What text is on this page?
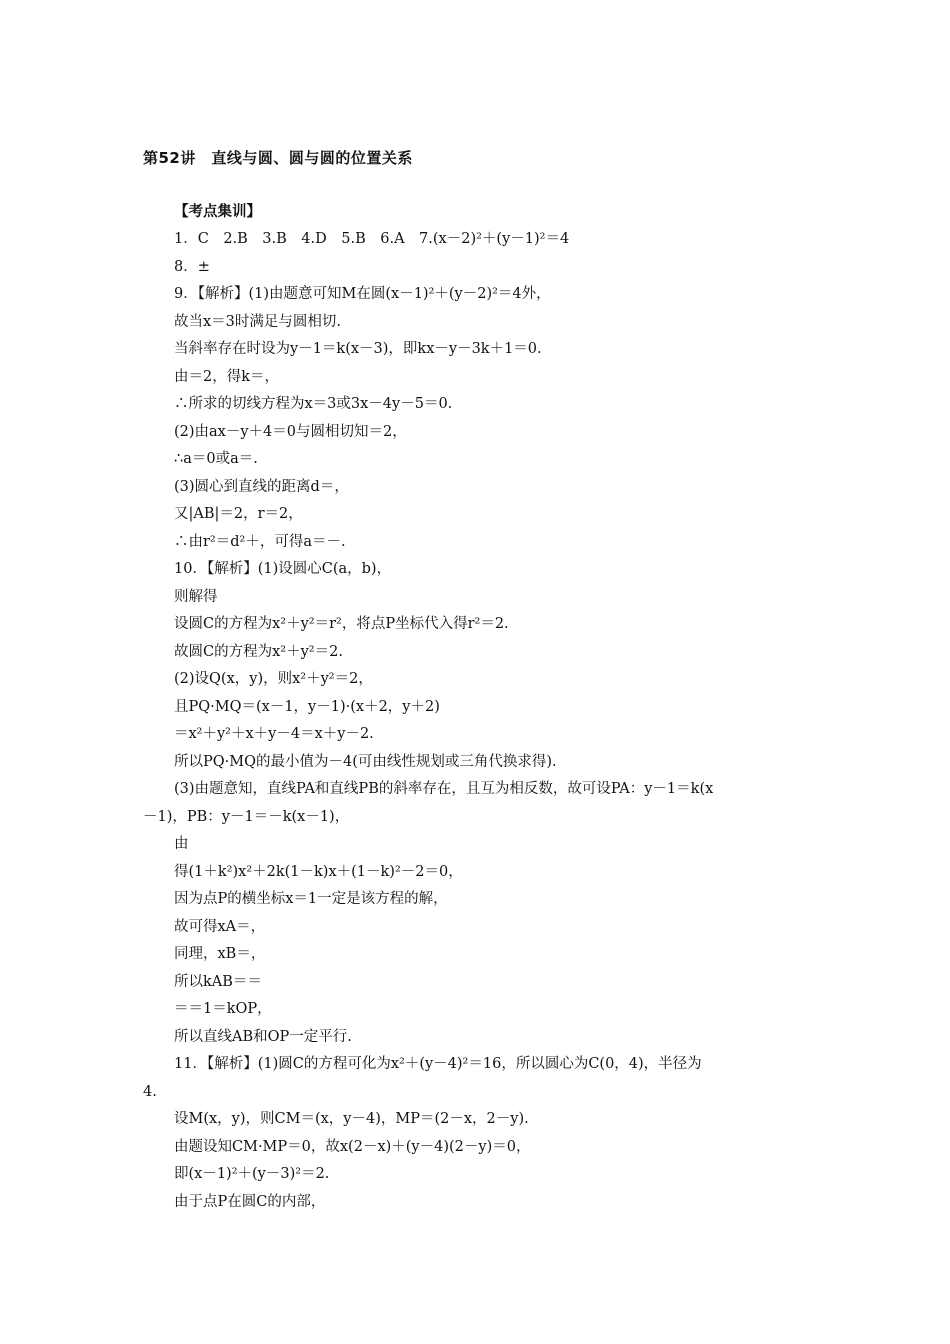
第52讲　直线与圆、圆与圆的位置关系
【考点集训】
1．C　2.B　3.B　4.D　5.B　6.A　7.(x－2)²＋(y－1)²＝4
8．±
9．【解析】(1)由题意可知M在圆(x－1)²＋(y－2)²＝4外，
故当x＝3时满足与圆相切.
当斜率存在时设为y－1＝k(x－3)，即kx－y－3k＋1＝0.
由＝2，得k＝，
∴所求的切线方程为x＝3或3x－4y－5＝0.
(2)由ax－y＋4＝0与圆相切知＝2，
∴a＝0或a＝.
(3)圆心到直线的距离d＝，
又|AB|＝2，r＝2，
∴由r²＝d²＋，可得a＝－.
10．【解析】(1)设圆心C(a，b)，
则解得
设圆C的方程为x²＋y²＝r²，将点P坐标代入得r²＝2.
故圆C的方程为x²＋y²＝2.
(2)设Q(x，y)，则x²＋y²＝2，
且PQ·MQ＝(x－1，y－1)·(x＋2，y＋2)
＝x²＋y²＋x＋y－4＝x＋y－2.
所以PQ·MQ的最小值为－4(可由线性规划或三角代换求得).
(3)由题意知，直线PA和直线PB的斜率存在，且互为相反数，故可设PA：y－1＝k(x
－1)，PB：y－1＝－k(x－1)，
由
得(1＋k²)x²＋2k(1－k)x＋(1－k)²－2＝0，
因为点P的横坐标x＝1一定是该方程的解，
故可得xA＝，
同理，xB＝，
所以kAB＝＝
＝＝1＝kOP，
所以直线AB和OP一定平行.
11．【解析】(1)圆C的方程可化为x²＋(y－4)²＝16，所以圆心为C(0，4)，半径为
4.
设M(x，y)，则CM＝(x，y－4)，MP＝(2－x，2－y).
由题设知CM·MP＝0，故x(2－x)＋(y－4)(2－y)＝0，
即(x－1)²＋(y－3)²＝2.
由于点P在圆C的内部，
